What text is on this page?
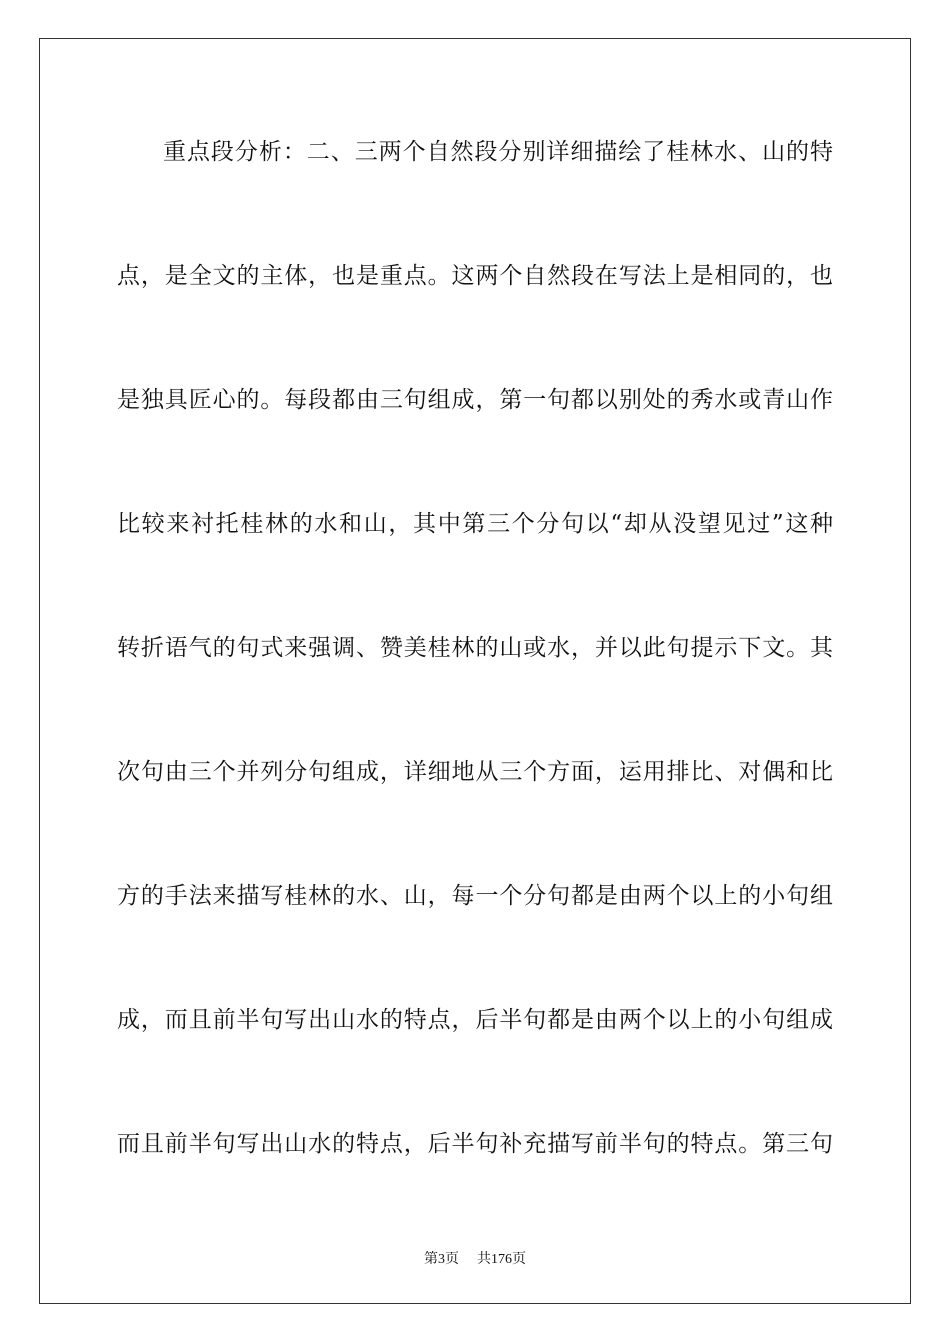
重点段分析：二、三两个自然段分别详细描绘了桂林水、山的特
点，是全文的主体，也是重点。这两个自然段在写法上是相同的，也
是独具匠心的。每段都由三句组成，第一句都以别处的秀水或青山作
比较来衬托桂林的水和山，其中第三个分句以“却从没望见过”这种
转折语气的句式来强调、赞美桂林的山或水，并以此句提示下文。其
次句由三个并列分句组成，详细地从三个方面，运用排比、对偶和比
方的手法来描写桂林的水、山，每一个分句都是由两个以上的小句组
成，而且前半句写出山水的特点，后半句都是由两个以上的小句组成
而且前半句写出山水的特点，后半句补充描写前半句的特点。第三句
第3页 共176页
